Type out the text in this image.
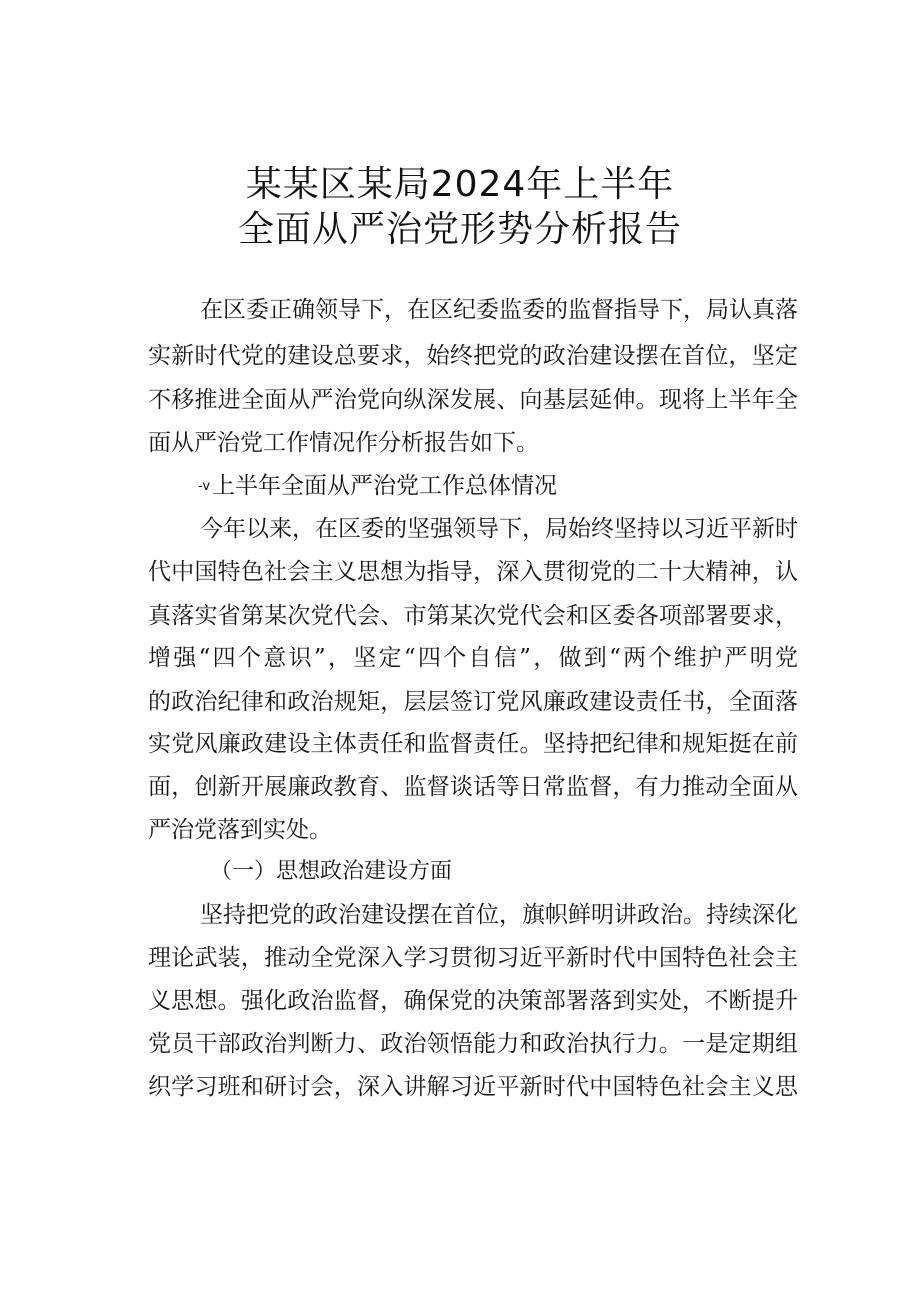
某某区某局2024年上半年
全面从严治党形势分析报告
在区委正确领导下，在区纪委监委的监督指导下，局认真落
实新时代党的建设总要求，始终把党的政治建设摆在首位，坚定
不移推进全面从严治党向纵深发展、向基层延伸。现将上半年全
面从严治党工作情况作分析报告如下。
-v上半年全面从严治党工作总体情况
今年以来，在区委的坚强领导下，局始终坚持以习近平新时
代中国特色社会主义思想为指导，深入贯彻党的二十大精神，认
真落实省第某次党代会、市第某次党代会和区委各项部署要求，
增强“四个意识”，坚定“四个自信”，做到“两个维护严明党
的政治纪律和政治规矩，层层签订党风廉政建设责任书，全面落
实党风廉政建设主体责任和监督责任。坚持把纪律和规矩挺在前
面，创新开展廉政教育、监督谈话等日常监督，有力推动全面从
严治党落到实处。
（一）思想政治建设方面
坚持把党的政治建设摆在首位，旗帜鲜明讲政治。持续深化
理论武装，推动全党深入学习贯彻习近平新时代中国特色社会主
义思想。强化政治监督，确保党的决策部署落到实处，不断提升
党员干部政治判断力、政治领悟能力和政治执行力。一是定期组
织学习班和研讨会，深入讲解习近平新时代中国特色社会主义思
